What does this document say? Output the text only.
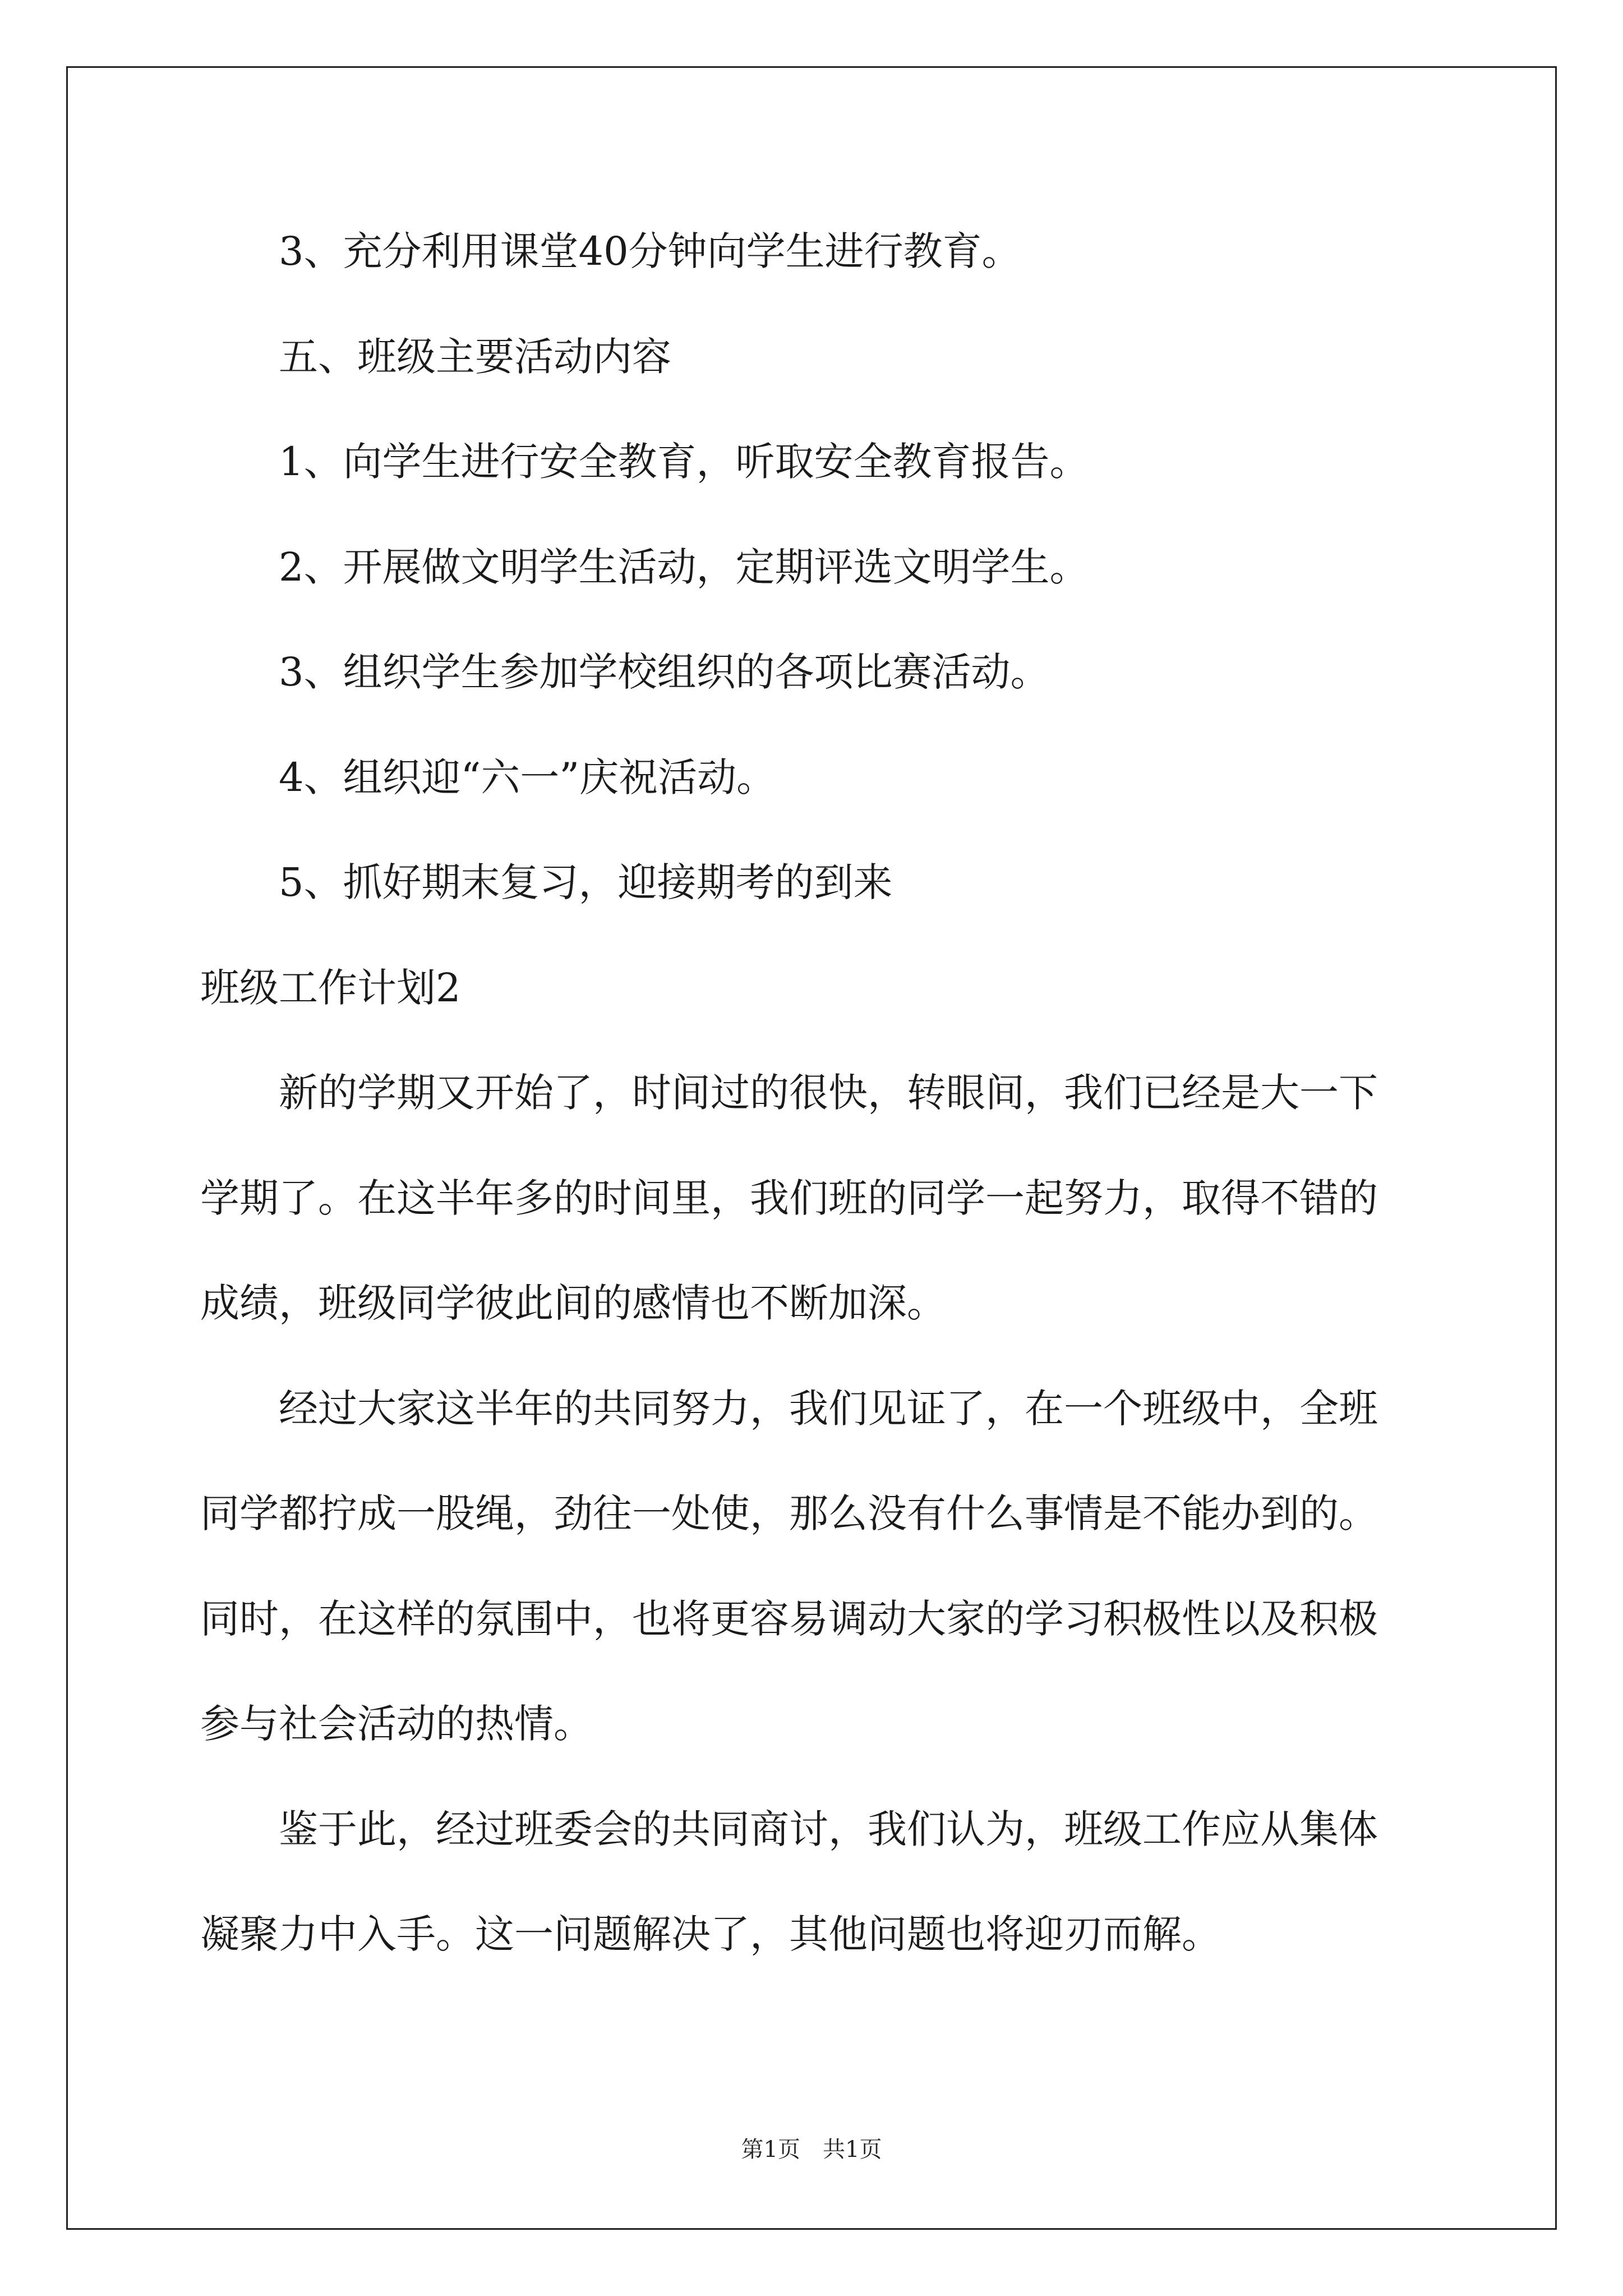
3、充分利用课堂40分钟向学生进行教育。
五、班级主要活动内容
1、向学生进行安全教育，听取安全教育报告。
2、开展做文明学生活动，定期评选文明学生。
3、组织学生参加学校组织的各项比赛活动。
4、组织迎“六一”庆祝活动。
5、抓好期末复习，迎接期考的到来
班级工作计划2
新的学期又开始了，时间过的很快，转眼间，我们已经是大一下
学期了。在这半年多的时间里，我们班的同学一起努力，取得不错的
成绩，班级同学彼此间的感情也不断加深。
经过大家这半年的共同努力，我们见证了，在一个班级中，全班
同学都拧成一股绳，劲往一处使，那么没有什么事情是不能办到的。
同时，在这样的氛围中，也将更容易调动大家的学习积极性以及积极
参与社会活动的热情。
鉴于此，经过班委会的共同商讨，我们认为，班级工作应从集体
凝聚力中入手。这一问题解决了，其他问题也将迎刃而解。
第1页　共1页
